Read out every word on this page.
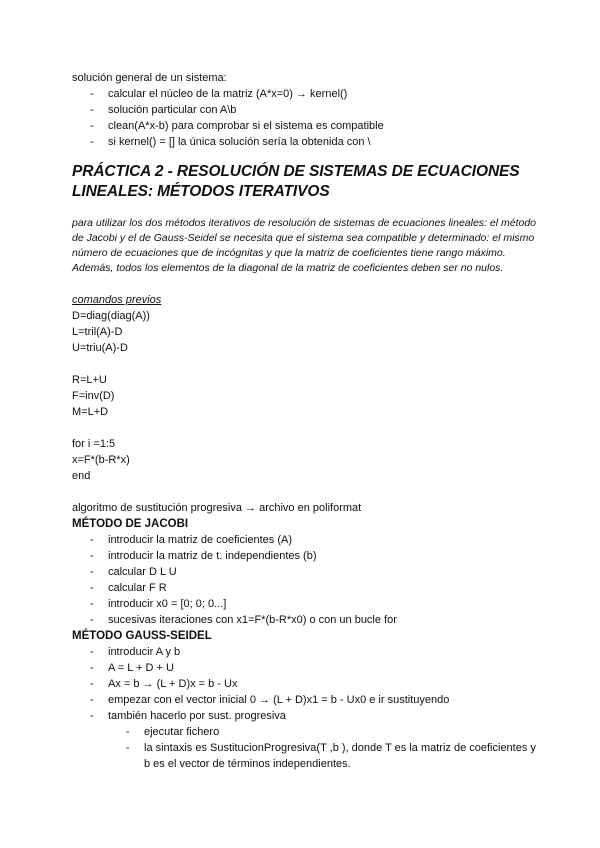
solución general de un sistema:

- calcular el núcleo de la matriz (A*x=0) → kernel()
- solución particular con A\b
- clean(A*x-b) para comprobar si el sistema es compatible
- si kernel() = [] la única solución sería la obtenida con \
PRÁCTICA 2 - RESOLUCIÓN DE SISTEMAS DE ECUACIONES LINEALES: MÉTODOS ITERATIVOS

para utilizar los dos métodos iterativos de resolución de sistemas de ecuaciones lineales: el método de Jacobi y el de Gauss-Seidel se necesita que el sistema sea compatible y determinado: el mismo número de ecuaciones que de incógnitas y que la matriz de coeficientes tiene rango máximo. Además, todos los elementos de la diagonal de la matriz de coeficientes deben ser no nulos.

comandos previos

D=diag(diag(A))

L=tril(A)-D

U=triu(A)-D

R=L+U

F=inv(D)

M=L+D

for i =1:5

x=F*(b-R*x)

end

algoritmo de sustitución progresiva → archivo en poliformat

MÉTODO DE JACOBI
- introducir la matriz de coeficientes (A)
- introducir la matriz de t. independientes (b)
- calcular D L U
- calcular F R
- introducir x0 = [0; 0; 0...]
- sucesivas iteraciones con x1=F*(b-R*x0) o con un bucle for
MÉTODO GAUSS-SEIDEL
- introducir A y b
- A = L + D + U
- Ax = b → (L + D)x = b - Ux
- empezar con el vector inicial 0 → (L + D)x1 = b - Ux0 e ir sustituyendo
- también hacerlo por sust. progresiva
- ejecutar fichero
- la sintaxis es SustitucionProgresiva(T ,b ), donde T es la matriz de coeficientes y b es el vector de términos independientes.
